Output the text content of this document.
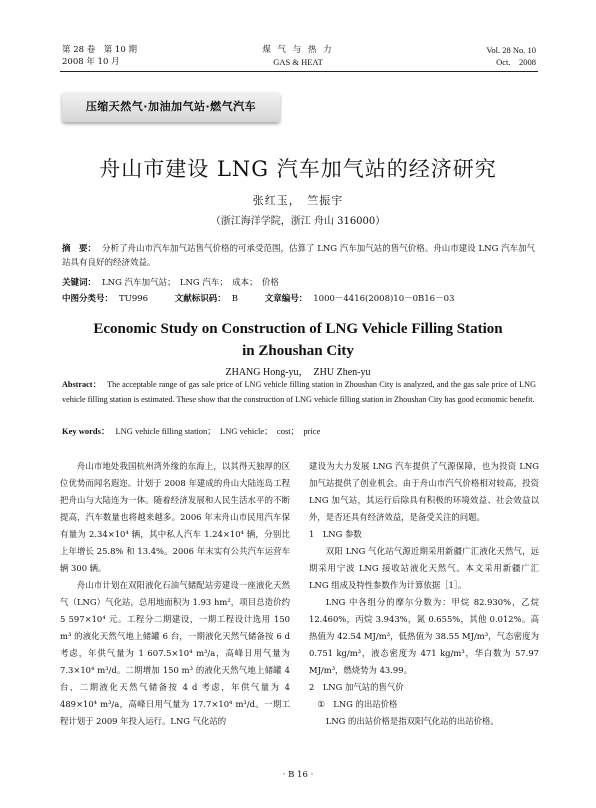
第 28 卷　第 10 期
2008 年 10 月
煤 气 与 热 力
GAS & HEAT
Vol. 28 No. 10
Oct.　2008
压缩天然气·加油加气站·燃气汽车
舟山市建设 LNG 汽车加气站的经济研究
张红玉，　竺振宇
（浙江海洋学院，浙江 舟山 316000）
摘　要： 分析了舟山市汽车加气站售气价格的可承受范围，估算了 LNG 汽车加气站的售气价格。舟山市建设 LNG 汽车加气站具有良好的经济效益。
关键词： LNG 汽车加气站；　LNG 汽车；　成本；　价格
中图分类号： TU996	文献标识码： B	文章编号： 1000－4416(2008)10－0B16－03
Economic Study on Construction of LNG Vehicle Filling Station
in Zhoushan City
ZHANG Hong-yu，　ZHU Zhen-yu
Abstract： The acceptable range of gas sale price of LNG vehicle filling station in Zhoushan City is analyzed, and the gas sale price of LNG vehicle filling station is estimated. These show that the construction of LNG vehicle filling station in Zhoushan City has good economic benefit.
Key words： LNG vehicle filling station；　LNG vehicle；　cost；　price

舟山市地处我国杭州湾外缘的东海上，以其得天独厚的区位优势而闻名遐迩。计划于 2008 年建成的舟山大陆连岛工程把舟山与大陆连为一体。随着经济发展和人民生活水平的不断提高，汽车数量也将越来越多。2006 年末舟山市民用汽车保有量为 2.34×10⁴ 辆，其中私人汽车 1.24×10⁴ 辆，分别比上年增长 25.8% 和 13.4%。2006 年末实有公共汽车运营车辆 300 辆。

舟山市计划在双阳液化石油气储配站旁建设一座液化天然气（LNG）气化站，总用地面积为 1.93 hm²，项目总造价约 5 597×10⁴ 元。工程分二期建设，一期工程设计选用 150 m³ 的液化天然气地上储罐 6 台，一期液化天然气储备按 6 d 考虑，年供气量为 1 607.5×10⁴ m³/a，高峰日用气量为 7.3×10⁴ m³/d。二期增加 150 m³ 的液化天然气地上储罐 4 台，二期液化天然气储备按 4 d 考虑，年供气量为 4 489×10⁴ m³/a，高峰日用气量为 17.7×10⁴ m³/d。一期工程计划于 2009 年投入运行。LNG 气化站的

建设为大力发展 LNG 汽车提供了气源保障，也为投资 LNG 加气站提供了创业机会。由于舟山市汽气价格相对较高，投资 LNG 加气站，其运行后除具有积极的环境效益、社会效益以外，是否还具有经济效益，是备受关注的问题。

1　LNG 参数

双阳 LNG 气化站气源近期采用新疆广汇液化天然气，远期采用宁波 LNG 接收站液化天然气。本文采用新疆广汇 LNG 组成及特性参数作为计算依据［1］。

LNG 中各组分的摩尔分数为：甲烷 82.930%，乙烷 12.460%，丙烷 3.943%，氮 0.655%，其他 0.012%。高热值为 42.54 MJ/m³，低热值为 38.55 MJ/m³，气态密度为 0.751 kg/m³，液态密度为 471 kg/m³，华白数为 57.97 MJ/m³，燃烧势为 43.99。

2　LNG 加气站的售气价

①　LNG 的出站价格

LNG 的出站价格是指双阳气化站的出站价格。

· B 16 ·
